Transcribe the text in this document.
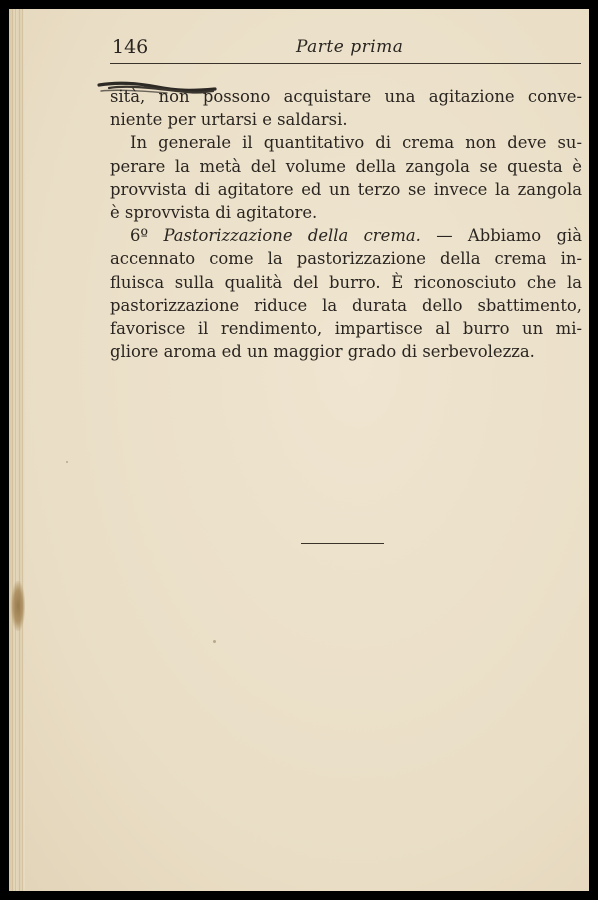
146	Parte prima
sità, non possono acquistare una agitazione conve-
niente per urtarsi e saldarsi.
In generale il quantitativo di crema non deve su-
perare la metà del volume della zangola se questa è
provvista di agitatore ed un terzo se invece la zangola
è sprovvista di agitatore.
6º Pastorizzazione della crema. — Abbiamo già
accennato come la pastorizzazione della crema in-
fluisca sulla qualità del burro. È riconosciuto che la
pastorizzazione riduce la durata dello sbattimento,
favorisce il rendimento, impartisce al burro un mi-
gliore aroma ed un maggior grado di serbevolezza.
